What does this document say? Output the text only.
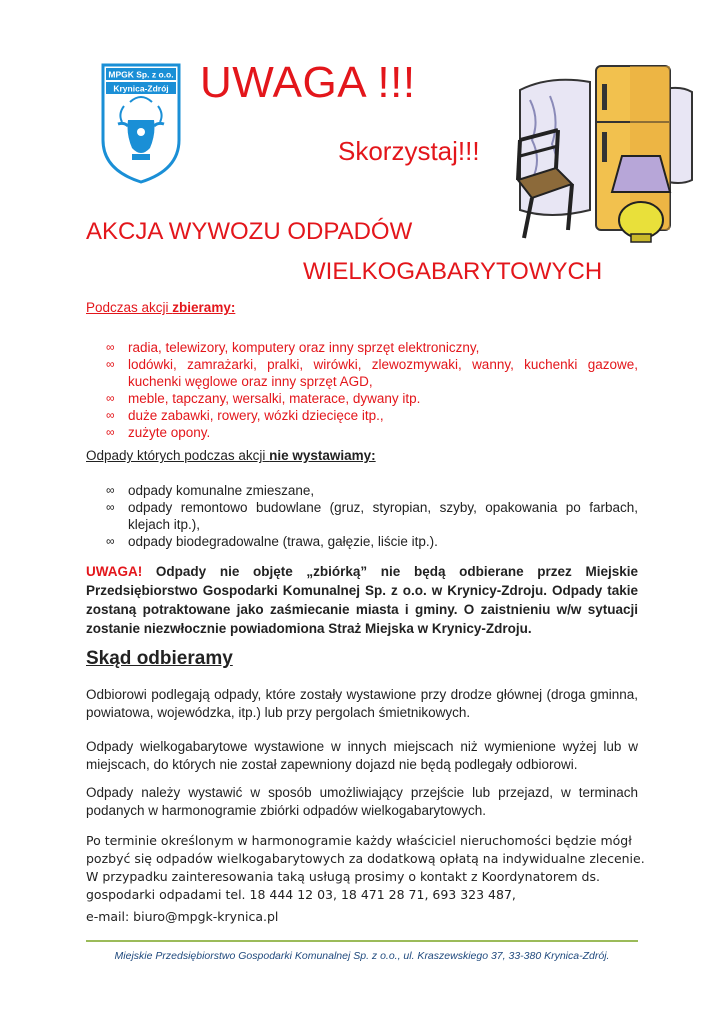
MPGK Sp. z o.o.
Krynica-Zdrój UWAGA !!!
Skorzystaj!!!
AKCJA WYWOZU ODPADÓW
WIELKOGABARYTOWYCH
Podczas akcji zbieramy:
∞ radia, telewizory, komputery oraz inny sprzęt elektroniczny,
∞ lodówki, zamrażarki, pralki, wirówki, zlewozmywaki, wanny, kuchenki gazowe, kuchenki węglowe oraz inny sprzęt AGD,
∞ meble, tapczany, wersalki, materace, dywany itp.
∞ duże zabawki, rowery, wózki dziecięce itp.,
∞ zużyte opony.
Odpady których podczas akcji nie wystawiamy:
∞ odpady komunalne zmieszane,
∞ odpady remontowo budowlane (gruz, styropian, szyby, opakowania po farbach, klejach itp.),
∞ odpady biodegradowalne (trawa, gałęzie, liście itp.).
UWAGA! Odpady nie objęte „zbiórką” nie będą odbierane przez Miejskie Przedsiębiorstwo Gospodarki Komunalnej Sp. z o.o. w Krynicy-Zdroju. Odpady takie zostaną potraktowane jako zaśmiecanie miasta i gminy. O zaistnieniu w/w sytuacji zostanie niezwłocznie powiadomiona Straż Miejska w Krynicy-Zdroju.
Skąd odbieramy
Odbiorowi podlegają odpady, które zostały wystawione przy drodze głównej (droga gminna, powiatowa, wojewódzka, itp.) lub przy pergolach śmietnikowych.
Odpady wielkogabarytowe wystawione w innych miejscach niż wymienione wyżej lub w miejscach, do których nie został zapewniony dojazd nie będą podlegały odbiorowi.
Odpady należy wystawić w sposób umożliwiający przejście lub przejazd, w terminach podanych w harmonogramie zbiórki odpadów wielkogabarytowych.
Po terminie określonym w harmonogramie każdy właściciel nieruchomości będzie mógł pozbyć się odpadów wielkogabarytowych za dodatkową opłatą na indywidualne zlecenie.
W przypadku zainteresowania taką usługą prosimy o kontakt z Koordynatorem ds. gospodarki odpadami tel. 18 444 12 03, 18 471 28 71, 693 323 487,
e-mail: biuro@mpgk-krynica.pl
Miejskie Przedsiębiorstwo Gospodarki Komunalnej Sp. z o.o., ul. Kraszewskiego 37, 33-380 Krynica-Zdrój.
